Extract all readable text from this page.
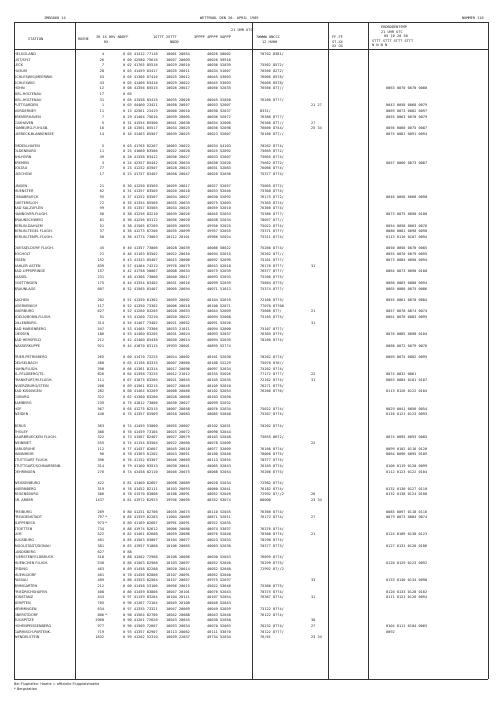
JMBG060 14	WETTMADL DEN 26. APRIL 1989	NUMMER 116
21 UHR UTC
ERDBODENTEMP
21 UHR UTC
05 10 20 50
STTT STTT STTT STTT
N N N N
STATION	HOEHE IR IX HHV NDDFF
RX
1STTT 2STTT
NDDD
3PPPP 4PPPP 5APPP	7WWWW 8NCCC
12 HUHH
FF-FF
ST-XX
XX GG
HELGOLAND	4	0 05 41412 77116 10061 20054	40026 50002	70762 8381/
LIST/SYLT	26	0 00 42580 75616 10057 20009	40026 59916
LECK	7	0 02 41765 85516 10029 20010	40036 52039	75562 8572/
HUSUM	28	0 03 41459 83417 10035 20011	40034 51007	76566 8272/
SCHLESWIG/MEERWIK	53	0 05 41366 87416 10025 20012	40045 53003	76066 8578/
SCHLESWIG	43	0 05 41466 83416 10029 20022	40045 53003	76066 8578/
HOHN	12	0 08 41356 85515 10026 20017	40050 52035	76566 877//	0063 0070 0070 0080
KIEL-HOLTENAU	17	0 05
KIEL-HOLTENAU	31	0 05 41558 83415 10035 20026	40045 52050	76266 8???/
PUTTGARDEN	1	0 03 44460 23421 10058 20057	40053 52007	21 27	0043 0058 0068 0079
NORDERNEY	11	0 13 42561 23419 10060 20010	40030 52037	8331/	0069 0073 0082 0097
BREMERHAVEN	7	0 29 41464 75616 10039 20005	40036 52072	76366 8???/	0055 0063 0070 0079
CUXHAVEN	5	0 31 41554 85506 10041 20030	40034 52006	76366 877//	27
HAMBURG-FUHLSB.	16	0 18 41561 85517 10034 20025	40036 52098	76666 8?44/	25 34	0056 0060 0075 0087
LUEBECK-BLANKENSEE	14	0 16 41463 85507 10039 20025	40023 52007	76166 877//	0075 0081 0091 0094
EMDEN-HAFEN	5	0 03 41765 82207 10063 20022	40034 54103	70262 8??4/
OLDENBURG	11	0 25 41660 83506 10022 20028	40025 52092	75665 8??2/
AHLHORN	49	0 28 41356 83412 10036 20027	40033 52007	75665 8??4/
BREMEN	3	0 24 42357 85442 10028 20034	40038 52026	75662 8??2/	0057 0060 0073 0087
SOLTAU	77	0 23 41252 83507 10028 20023	40031 52083	76066 8??4/
LUECHOW	17	0 23 41757 83407 10058 20047	40020 52036	75377 8??4/
LINGEN	21	0 30 41250 83505 10059 20017	40027 52057	75665 8??2/
MUENSTER	62	0 31 41357 83505 10020 20018	40033 52046	75360 8??4/
OSNABRUECK	95	0 37 41252 83507 10034 20027	40030 52092	76175 8??2/	0046 0058 0068 0090
GUETERSLOH	72	0 35 41354 85505 10035 20033	40075 52003	75365 8??4/
BAD SALZUFLEN	99	0 35 41357 83505 10034 20025	40059 52010	76366 8??4/
HANNOVER-FLUGH.	56	0 38 41256 83210 10039 20026	40045 52053	75366 8???/	0073 0075 0090 0100
BRAUNSCHWEIG	81	0 36 41256 83112 10036 20020	40038 52034	70057 877//
BERLIN-DAHLEM	51	0 38 41505 87209 10059 20093	49956 52025	75022 8??4/	0054 0058 0063 0076
BERLIN-TEGEL FLUGH.	37	0 36 41273 87206 10035 20099	49957 52055	75371 8???/	0080 0081 0090 0090
BERLIN-TEMPL.FLUGH.	50	0 36 41774 73003 10112 20101	49966 52024	75311 8??4/	0113 0116 0107 0094
DUESSELDORF FLUGH.	45	0 40 41357 73006 10028 20039	40086 50022	75266 8??4/	0050 0056 0070 0085
BOCHOLT	21	0 46 41163 83502 10022 20010	40094 52015	76262 8?7//	0055 0070 0079 0095
ESSEN	152	0 43 41343 85407 10015 20006	40092 52099	75161 8???/	0073 0084 0090 0094
KAHLER ASTEN	839	0 57 41464 74212 19976 20079	48643 52018	76176 8???/	31
BAD LIPPSPRINGE	157	0 42 41758 50007 10008 20034	40075 52039	76577 8??7/	0064 0073 0090 0100
KASSEL	231	0 48 41366 73006 10040 20017	40093 52033	75266 8??5/
GOETTINGEN	175	0 44 41354 83402 10031 20016	40099 52039	75664 8??5/	0060 0063 0080 0094
BRAUNLAGE	607	0 52 41565 83407 10005 20094	40071 51013	75374 8???/	0065 0080 0075 0086
AACHEN	202	0 51 41350 81302 10059 20002	40104 52019	72166 8??3/	0055 0061 0070 0084
NOERVENICH	117	0 52 41350 73302 10006 20018	40100 52071	77070 8?700
NUERBURG	627	0 52 41260 83205 10028 20053	40044 52009	75666 8??/	21	0057 0078 0074 0074
KOELN/BONN-FLUGH.	91	0 53 41260 73210 10020 20022	40094 52068	75165 8??5/	0061 0076 0083 0095
DILLENBURG	314	0 54 41467 73402 10021 20052	40091 52026	31
BAD MARIENBERG	547	0 53 41465 73306 10033 21011	40094 52000	75167 8???/
GIESSEN	186	0 53 41460 83205 10031 20024	40093 52037	76365 8??5/	0076 0085 0098 0104
BAD HERSFELD	212	0 42 41460 83436 10030 20014	40094 52039	70266 8??4/
WASSERKUPPE	921	0 44 41070 83115 19993 20001	40895 52??4	0068 0072 0079 0076
TRIER-PETRISBERG	265	0 60 41470 73225 10024 20002	40101 52030	70262 8??4/	0069 0075 0082 0095
DEUSELBACH	480	0 65 41156 83315 10007 20060	40100 52229	75076 8?6//
HAHN/FLUGH.	396	0 66 41361 81314 10017 20096	40097 52034	75262 8??4/
KL.FELDBERG/TS.	826	0 64 41356 73225 10012 21012	48335 52026	77172 8???/	22	0074 0032 0061
FRANKFURT/M.FLUGH.	111	0 67 41075 83205 10021 20045	40105 52035	72162 8??4/	31	0063 0084 0101 0107
WUERZBURG/STEIN	268	0 69 41561 83215 10027 20049	40105 52010	76271 8??5/
BAD KISSINGEN	282	0 68 41464 83209 10008 20066	40102 52054	76266 8??6/	0113 0126 0122 0104
COBURG	322	0 62 41360 83206 10028 20068	40103 52050
BAMBERG	239	0 75 41812 73006 10030 20027	40099 52032
HOF	567	0 65 41275 82515 10007 20058	40076 52034	75022 8??4/	0029 0041 0056 0054
WEIDEN	440	0 75 41357 83509 10018 20083	40085 52040	75267 8??4/	0116 0121 0123 0093
BERUS	363	0 74 41459 53000 10055 20007	40102 52031	70262 8??4/
THOLEY	386	0 76 41459 73104 10025 20072	40096 52044
SAARBRUECKEN FLUGH.	322	0 73 41567 82407 10027 20079	40103 52048	75655 8672/	0074 0095 0093 0085
WEINBIET	555	0 74 41154 83504 10022 20060	40078 52009	22
KARLSRUHE	112	0 77 41457 82607 10045 20018	40077 52009	76166 8??4/	0099 0102 0116 0120
MANNHEIM	96	0 78 41363 81202 10043 20051	40100 52040	70066 8??5/	0064 0096 0095 0109
STUTTGART FLUGH.	396	0 76 41152 83307 10046 20069	40113 52055	70377 8??5/
STUTTGART/SCHNARRENB.	314	0 79 41160 83513 10030 20041	40065 52043	76165 8??4/	0106 0119 0120 0099
OEHRINGEN	276	0 74 41458 82110 10046 20075	40068 52054	76266 8??5/	0112 0123 0122 0104
WEISSENBURG	422	0 81 41460 82607 10098 20089	40020 52034	72982 8??4/
NUERNBERG	319	0 76 41452 82111 10103 20093	40060 52041	76182 8??4/	0132 0130 0127 0110
REGENSBURG	366	0 78 41570 83008 10106 20091	40052 52049	72992 87//2	26	0132 0138 0124 0100
GR. ARBER	1437	0 81 41972 62923 19936 20095	48352 53074	80000	23 34
FREIBURG	269	0 80 41251 82706 10035 20075	40110 52045	76366 8??4/	0085 0097 0118 0116
FREUDENSTADT	797 *	0 85 41359 82203 11004 20089	40871 52011	76172 8??4/	27	0079 0073 0084 0074
KLIPPENECK	973 *	0 80 41169 82607 10991 20091	48922 52035
STOETTEN	734	0 88 41974 82612 10006 20086	40074 53037	76376 8??4/
ULM	522	0 82 41461 82608 10059 20086	40076 52040	70366 8??4/	21	0124 0109 0130 0123
AUGSBURG	461	0 85 41563 83007 10104 20077	40023 52033	70298 8??4/
INGOLSTADT/DONAU	381	0 83 41957 91008 10106 20065	40063 52030	70377 8??3/	0127 0131 0126 0106
LANDSBERG	627	0 88
FUERSTENFELDBRUCK	518	0 88 41562 72908 10108 20066	40030 52043	76099 8??4/
MUENCHEN FLUGH.	530	0 86 41563 82908 10103 20097	40052 52040	76299 8??5/	0120 0129 0123 0092
ERDING	463	0 89 41458 82208 10020 20014	40052 52040	72992 87//2
MUEHLDORF	401	0 78 41456 82806 10107 20091	40052 52040
PASSAU	409	0 86 41553 82504 10157 20057	49975 52037	33	0133 0140 0134 0098
BRIMGARTEN	212	0 00 41458 53106 10056 20015	45022 53046	75366 8??5/
FRIEDRICHSHAFEN	408	0 86 41459 83806 10047 20101	40076 52043	70375 8??4/	0120 0133 0128 0102
KONSTANZ	443	0 97 41159 83204 10104 20111	40107 52054	76367 8??4/	31	0111 0121 0126 0094
KEMPTEN	705	0 96 41267 72104 10049 20108	40046 52043
MEMMINGEN	634	0 97 41355 73321 10047 20069	40049 52059	73122 8??4/
OBERSTDORF	806 *	0 98 41564 82706 10042 20088	40043 52046	76122 8??4/
ZUGSPITZE	2960	0 90 41261 72626 10043 20045	40030 52058	30
HOHENPEISSENBERG	977	0 96 41569 72607 10053 20034	40070 52063	76232 8??4/	27	0104 0111 0104 0065
GARMISCH-PARTENK.	719	0 93 41357 82907 10113 20062	40111 53070	70122 8???/	0092
WENDELSTEIN	1832	0 99 41202 52310 10039 22037	49734 52034	76/61	23 34
Bei Flughafen: Hoehe = offizielle Flugplatzhoehe
* Bergstation
